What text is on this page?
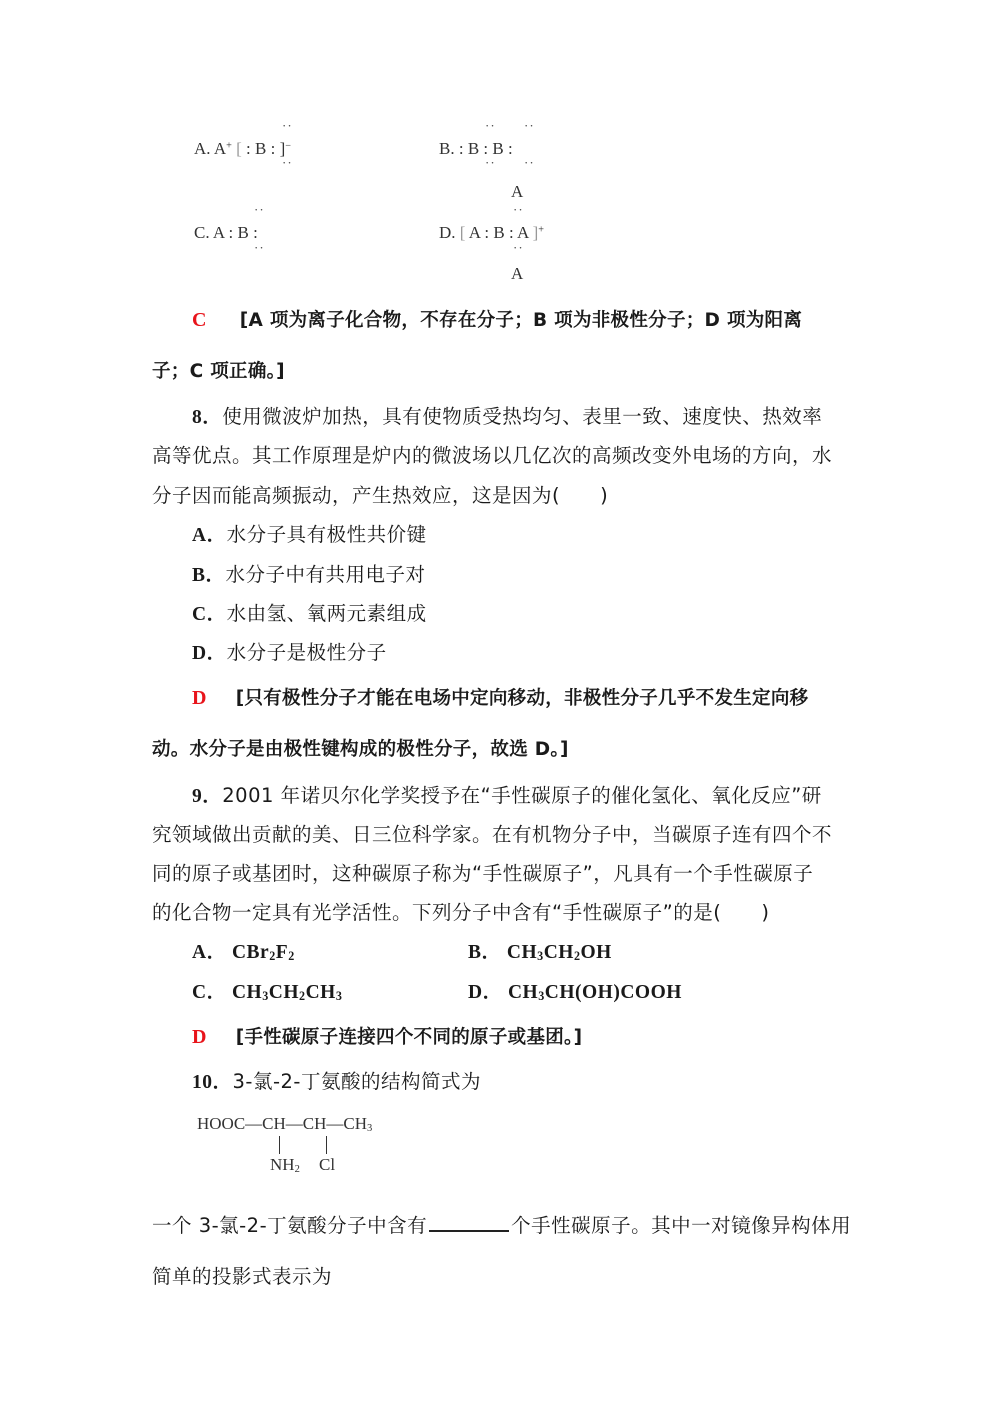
··
A. A+ [ : B : ]−
··
·· ··
B. : B : B :
·· ··
··
C. A : B :
··
A
··
D. [ A : B : A ]+
··
A
C [A 项为离子化合物，不存在分子；B 项为非极性分子；D 项为阳离
子；C 项正确。]
8．使用微波炉加热，具有使物质受热均匀、表里一致、速度快、热效率
高等优点。其工作原理是炉内的微波场以几亿次的高频改变外电场的方向，水
分子因而能高频振动，产生热效应，这是因为(　　)
A．水分子具有极性共价键
B．水分子中有共用电子对
C．水由氢、氧两元素组成
D．水分子是极性分子
D [只有极性分子才能在电场中定向移动，非极性分子几乎不发生定向移
动。水分子是由极性键构成的极性分子，故选 D。]
9．2001 年诺贝尔化学奖授予在“手性碳原子的催化氢化、氧化反应”研
究领域做出贡献的美、日三位科学家。在有机物分子中，当碳原子连有四个不
同的原子或基团时，这种碳原子称为“手性碳原子”，凡具有一个手性碳原子
的化合物一定具有光学活性。下列分子中含有“手性碳原子”的是(　　)
A． $CBr_2F_2$	B． $CH_3CH_2OH$
C． $CH_3CH_2CH_3$	D． $CH_3CH(OH)COOH$
D [手性碳原子连接四个不同的原子或基团。]
10．3-氯-2-丁氨酸的结构简式为
$HOOC—CH—CH—CH_3$
$NH_2$ Cl
一个 3-氯-2-丁氨酸分子中含有	个手性碳原子。其中一对镜像异构体用
简单的投影式表示为
